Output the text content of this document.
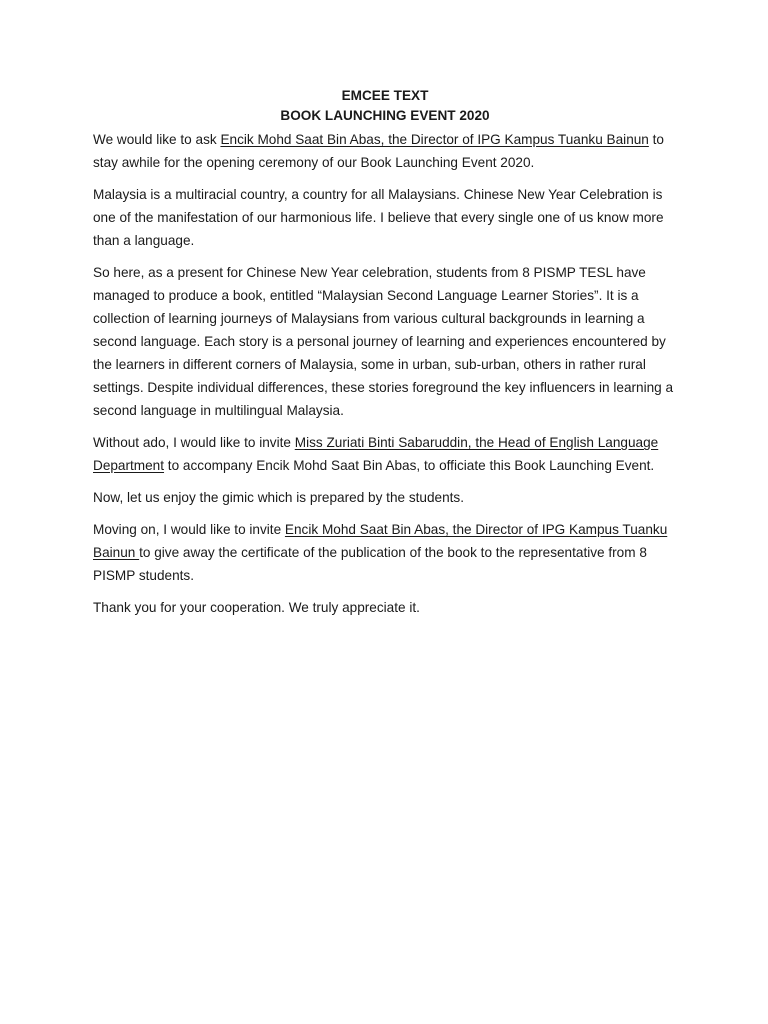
EMCEE TEXT
BOOK LAUNCHING EVENT 2020

We would like to ask Encik Mohd Saat Bin Abas, the Director of IPG Kampus Tuanku Bainun to stay awhile for the opening ceremony of our Book Launching Event 2020.

Malaysia is a multiracial country, a country for all Malaysians. Chinese New Year Celebration is one of the manifestation of our harmonious life. I believe that every single one of us know more than a language.

So here, as a present for Chinese New Year celebration, students from 8 PISMP TESL have managed to produce a book, entitled “Malaysian Second Language Learner Stories”. It is a collection of learning journeys of Malaysians from various cultural backgrounds in learning a second language. Each story is a personal journey of learning and experiences encountered by the learners in different corners of Malaysia, some in urban, sub-urban, others in rather rural settings. Despite individual differences, these stories foreground the key influencers in learning a second language in multilingual Malaysia.

Without ado, I would like to invite Miss Zuriati Binti Sabaruddin, the Head of English Language Department to accompany Encik Mohd Saat Bin Abas, to officiate this Book Launching Event.

Now, let us enjoy the gimic which is prepared by the students.

Moving on, I would like to invite Encik Mohd Saat Bin Abas, the Director of IPG Kampus Tuanku Bainun to give away the certificate of the publication of the book to the representative from 8 PISMP students.

Thank you for your cooperation. We truly appreciate it.
